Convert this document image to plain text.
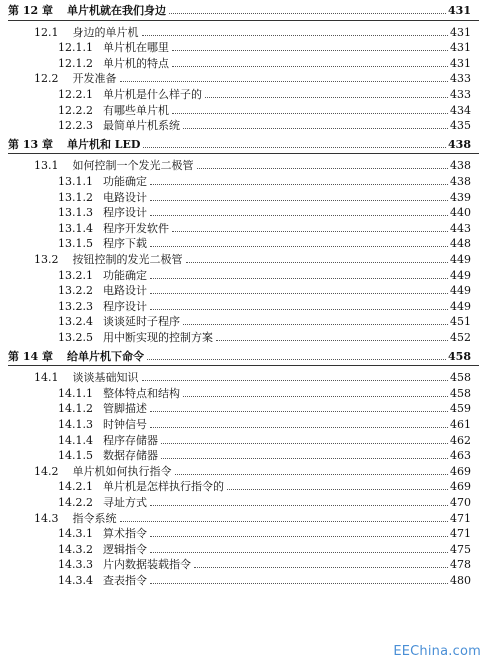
第 12 章	单片机就在我们身边	431
12.1	身边的单片机	431
12.1.1 单片机在哪里	431
12.1.2 单片机的特点	431
12.2	开发准备	433
12.2.1 单片机是什么样子的	433
12.2.2 有哪些单片机	434
12.2.3 最简单片机系统	435
第 13 章	单片机和 LED	438
13.1	如何控制一个发光二极管	438
13.1.1 功能确定	438
13.1.2 电路设计	439
13.1.3 程序设计	440
13.1.4 程序开发软件	443
13.1.5 程序下载	448
13.2	按钮控制的发光二极管	449
13.2.1 功能确定	449
13.2.2 电路设计	449
13.2.3 程序设计	449
13.2.4 谈谈延时子程序	451
13.2.5 用中断实现的控制方案	452
第 14 章	给单片机下命令	458
14.1	谈谈基础知识	458
14.1.1 整体特点和结构	458
14.1.2 管脚描述	459
14.1.3 时钟信号	461
14.1.4 程序存储器	462
14.1.5 数据存储器	463
14.2	单片机如何执行指令	469
14.2.1 单片机是怎样执行指令的	469
14.2.2 寻址方式	470
14.3	指令系统	471
14.3.1 算术指令	471
14.3.2 逻辑指令	475
14.3.3 片内数据装载指令	478
14.3.4 查表指令	480
EEChina.com
